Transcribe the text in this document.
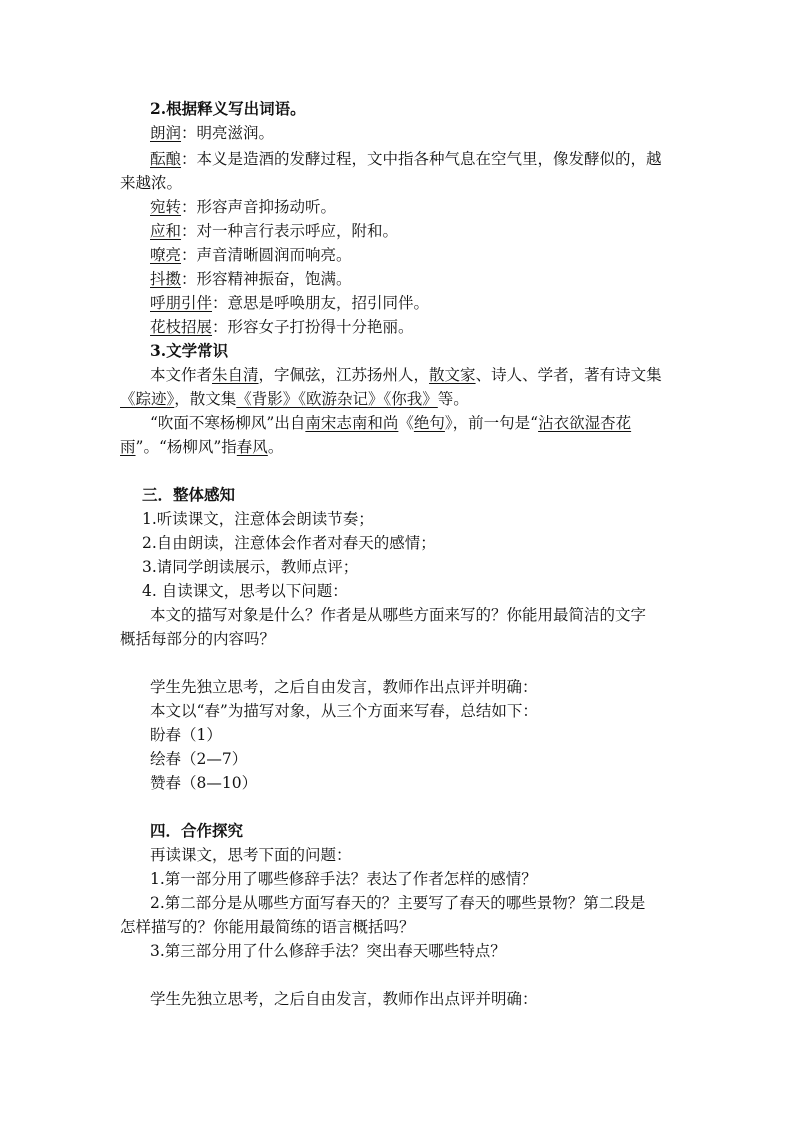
2.根据释义写出词语。
朗润：明亮滋润。
酝酿：本义是造酒的发酵过程，文中指各种气息在空气里，像发酵似的，越
来越浓。
宛转：形容声音抑扬动听。
应和：对一种言行表示呼应，附和。
嘹亮：声音清晰圆润而响亮。
抖擞：形容精神振奋，饱满。
呼朋引伴：意思是呼唤朋友，招引同伴。
花枝招展：形容女子打扮得十分艳丽。
3.文学常识
本文作者朱自清，字佩弦，江苏扬州人，散文家、诗人、学者，著有诗文集
《踪迹》，散文集《背影》《欧游杂记》《你我》等。
“吹面不寒杨柳风”出自南宋志南和尚《绝句》，前一句是“沾衣欲湿杏花
雨”。“杨柳风”指春风。
三．整体感知
1.听读课文，注意体会朗读节奏；
2.自由朗读，注意体会作者对春天的感情；
3.请同学朗读展示，教师点评；
4. 自读课文，思考以下问题：
本文的描写对象是什么？作者是从哪些方面来写的？你能用最简洁的文字
概括每部分的内容吗？
学生先独立思考，之后自由发言，教师作出点评并明确：
本文以“春”为描写对象，从三个方面来写春，总结如下：
盼春（1）
绘春（2—7）
赞春（8—10）
四．合作探究
再读课文，思考下面的问题：
1.第一部分用了哪些修辞手法？表达了作者怎样的感情？
2.第二部分是从哪些方面写春天的？主要写了春天的哪些景物？第二段是
怎样描写的？你能用最简练的语言概括吗？
3.第三部分用了什么修辞手法？突出春天哪些特点？
学生先独立思考，之后自由发言，教师作出点评并明确：
